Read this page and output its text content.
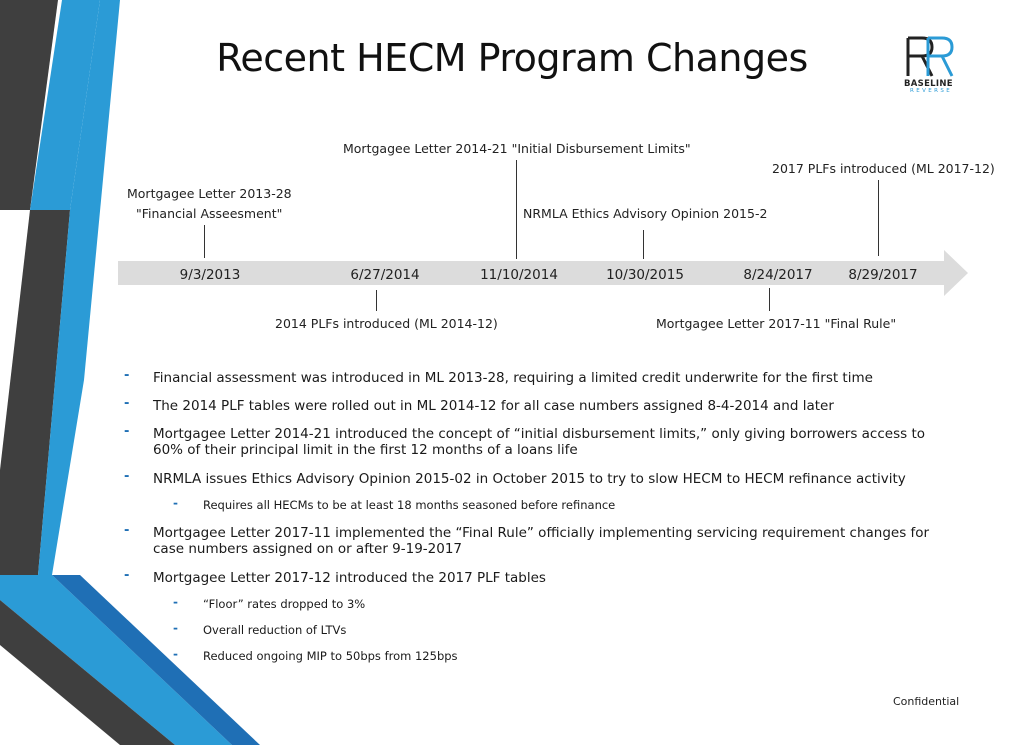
Recent HECM Program Changes
BASELINE
REVERSE
9/3/2013	6/27/2014	11/10/2014	10/30/2015	8/24/2017	8/29/2017
Mortgagee Letter 2013-28
"Financial Asseesment"
Mortgagee Letter 2014-21 "Initial Disbursement Limits"
NRMLA Ethics Advisory Opinion 2015-2
2017 PLFs introduced (ML 2017-12)
2014 PLFs introduced (ML 2014-12)	Mortgagee Letter 2017-11 "Final Rule"
- Financial assessment was introduced in ML 2013-28, requiring a limited credit underwrite for the first time
- The 2014 PLF tables were rolled out in ML 2014-12 for all case numbers assigned 8-4-2014 and later
- Mortgagee Letter 2014-21 introduced the concept of “initial disbursement limits,” only giving borrowers access to
60% of their principal limit in the first 12 months of a loans life
- NRMLA issues Ethics Advisory Opinion 2015-02 in October 2015 to try to slow HECM to HECM refinance activity
- Requires all HECMs to be at least 18 months seasoned before refinance
- Mortgagee Letter 2017-11 implemented the “Final Rule” officially implementing servicing requirement changes for
case numbers assigned on or after 9-19-2017
- Mortgagee Letter 2017-12 introduced the 2017 PLF tables
- “Floor” rates dropped to 3%
- Overall reduction of LTVs
- Reduced ongoing MIP to 50bps from 125bps
Confidential
